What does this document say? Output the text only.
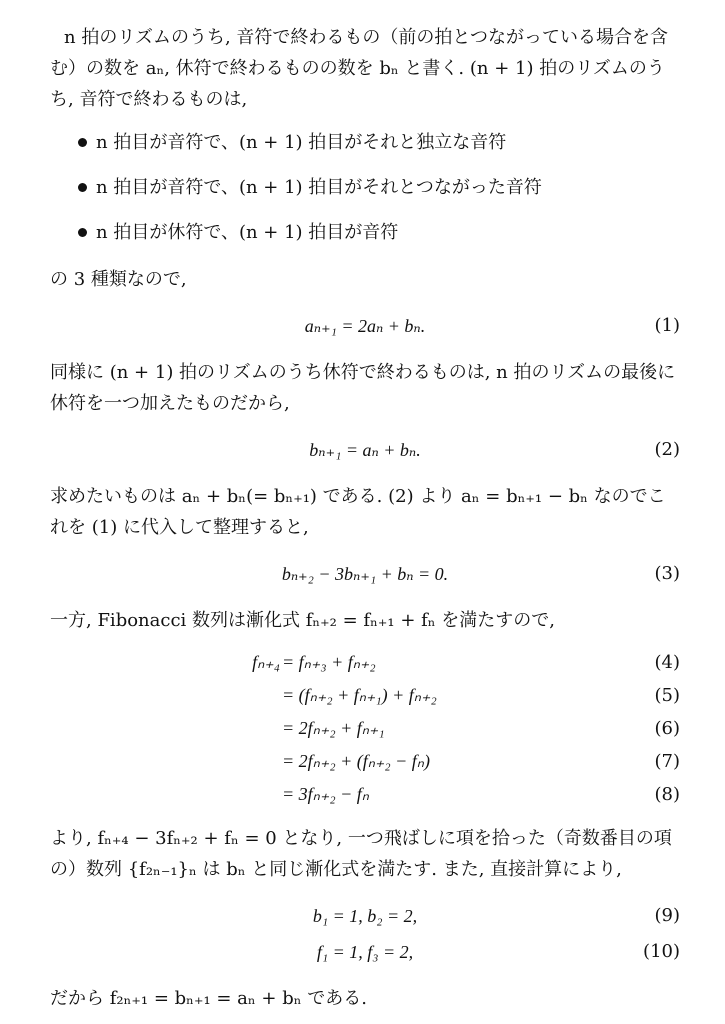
n 拍のリズムのうち, 音符で終わるもの（前の拍とつながっている場合を含む）の数を aₙ, 休符で終わるものの数を bₙ と書く. (n + 1) 拍のリズムのうち, 音符で終わるものは,

n 拍目が音符で、(n + 1) 拍目がそれと独立な音符
n 拍目が音符で、(n + 1) 拍目がそれとつながった音符
n 拍目が休符で、(n + 1) 拍目が音符

の 3 種類なので,

aₙ₊₁ = 2aₙ + bₙ.	(1)

同様に (n + 1) 拍のリズムのうち休符で終わるものは, n 拍のリズムの最後に休符を一つ加えたものだから,

bₙ₊₁ = aₙ + bₙ.	(2)

求めたいものは aₙ + bₙ(= bₙ₊₁) である. (2) より aₙ = bₙ₊₁ − bₙ なのでこれを (1) に代入して整理すると,

bₙ₊₂ − 3bₙ₊₁ + bₙ = 0.	(3)

一方, Fibonacci 数列は漸化式 fₙ₊₂ = fₙ₊₁ + fₙ を満たすので,

fₙ₊₄ = fₙ₊₃ + fₙ₊₂	(4)
= (fₙ₊₂ + fₙ₊₁) + fₙ₊₂	(5)
= 2fₙ₊₂ + fₙ₊₁	(6)
= 2fₙ₊₂ + (fₙ₊₂ − fₙ)	(7)
= 3fₙ₊₂ − fₙ	(8)

より, fₙ₊₄ − 3fₙ₊₂ + fₙ = 0 となり, 一つ飛ばしに項を拾った（奇数番目の項の）数列 {f₂ₙ₋₁}ₙ は bₙ と同じ漸化式を満たす. また, 直接計算により,

b₁ = 1, b₂ = 2,	(9)
f₁ = 1, f₃ = 2,	(10)

だから f₂ₙ₊₁ = bₙ₊₁ = aₙ + bₙ である.
